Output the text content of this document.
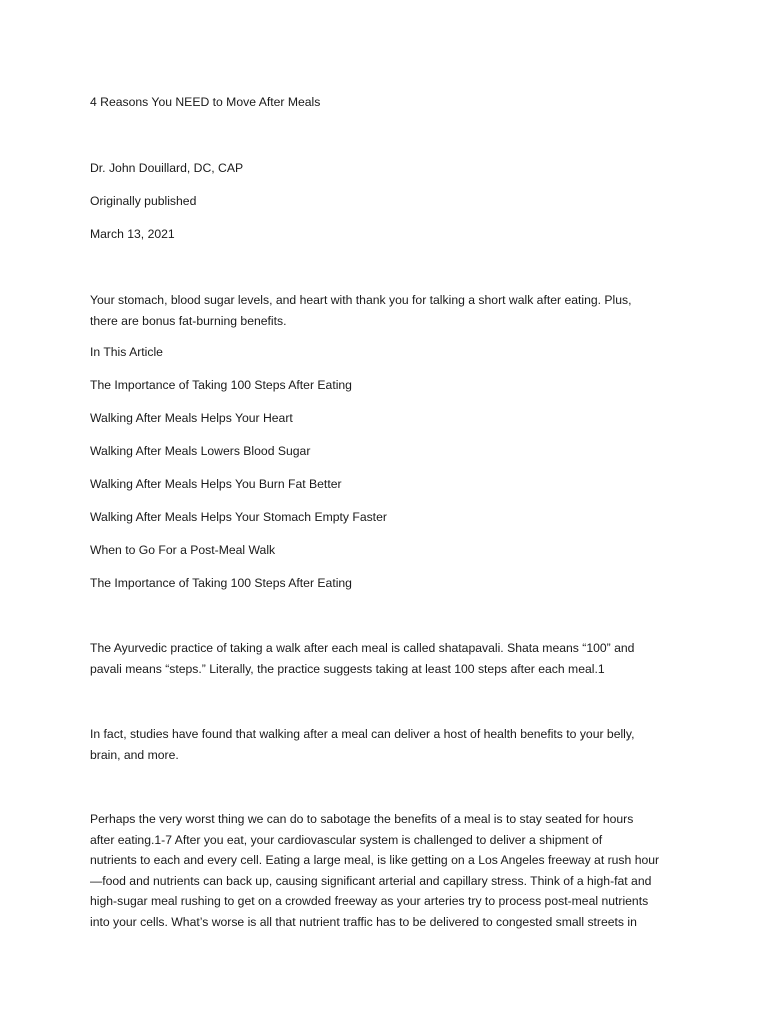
4 Reasons You NEED to Move After Meals

Dr. John Douillard, DC, CAP

Originally published

March 13, 2021

Your stomach, blood sugar levels, and heart with thank you for talking a short walk after eating. Plus,
there are bonus fat-burning benefits.

In This Article

The Importance of Taking 100 Steps After Eating

Walking After Meals Helps Your Heart

Walking After Meals Lowers Blood Sugar

Walking After Meals Helps You Burn Fat Better

Walking After Meals Helps Your Stomach Empty Faster

When to Go For a Post-Meal Walk

The Importance of Taking 100 Steps After Eating

The Ayurvedic practice of taking a walk after each meal is called shatapavali. Shata means “100” and
pavali means “steps.” Literally, the practice suggests taking at least 100 steps after each meal.1
In fact, studies have found that walking after a meal can deliver a host of health benefits to your belly,
brain, and more.
Perhaps the very worst thing we can do to sabotage the benefits of a meal is to stay seated for hours
after eating.1-7 After you eat, your cardiovascular system is challenged to deliver a shipment of
nutrients to each and every cell. Eating a large meal, is like getting on a Los Angeles freeway at rush hour
—food and nutrients can back up, causing significant arterial and capillary stress. Think of a high-fat and
high-sugar meal rushing to get on a crowded freeway as your arteries try to process post-meal nutrients
into your cells. What’s worse is all that nutrient traffic has to be delivered to congested small streets in
